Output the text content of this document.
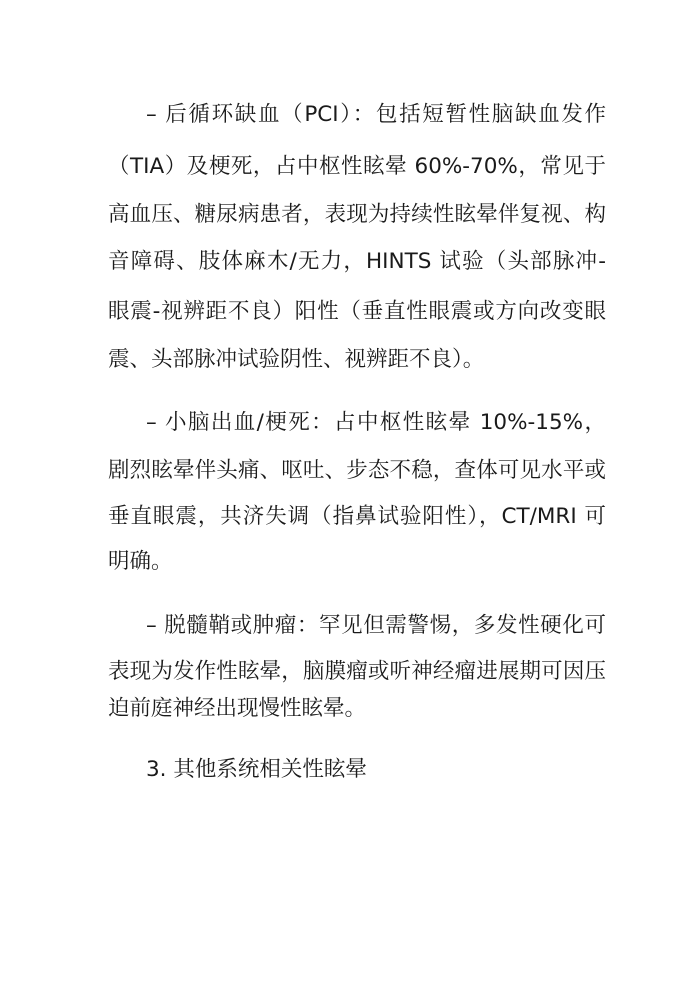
– 后循环缺血（PCI）：包括短暂性脑缺血发作
（TIA）及梗死，占中枢性眩晕 60%-70%，常见于
高血压、糖尿病患者，表现为持续性眩晕伴复视、构
音障碍、肢体麻木/无力，HINTS 试验（头部脉冲-
眼震-视辨距不良）阳性（垂直性眼震或方向改变眼
震、头部脉冲试验阴性、视辨距不良）。
– 小脑出血/梗死：占中枢性眩晕 10%-15%，
剧烈眩晕伴头痛、呕吐、步态不稳，查体可见水平或
垂直眼震，共济失调（指鼻试验阳性），CT/MRI 可
明确。
– 脱髓鞘或肿瘤：罕见但需警惕，多发性硬化可
表现为发作性眩晕，脑膜瘤或听神经瘤进展期可因压
迫前庭神经出现慢性眩晕。
3. 其他系统相关性眩晕
